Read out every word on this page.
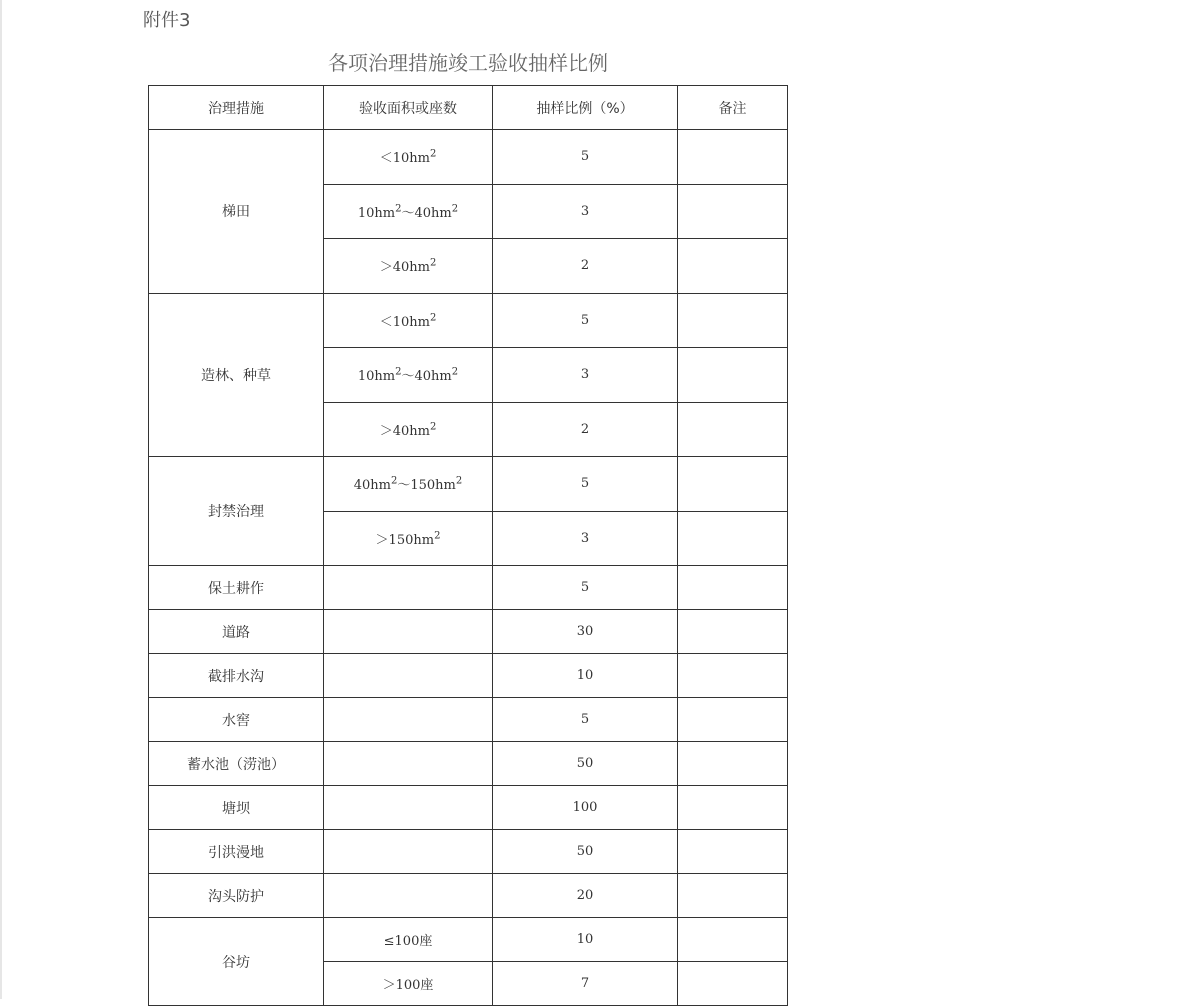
附件3
各项治理措施竣工验收抽样比例
治理措施	验收面积或座数	抽样比例（%）	备注
梯田	$<10hm^2$	5	
	$10hm^2\sim 40hm^2$	3	
	$>40hm^2$	2	
造林、种草	$<10hm^2$	5	
	$10hm^2\sim 40hm^2$	3	
	$>40hm^2$	2	
封禁治理	$40hm^2\sim 150hm^2$	5	
	$>150hm^2$	3	
保土耕作		5	
道路		30	
截排水沟		10	
水窖		5	
蓄水池（涝池）		50	
塘坝		100	
引洪漫地		50	
沟头防护		20	
谷坊	≤100座	10	
	＞100座	7	
